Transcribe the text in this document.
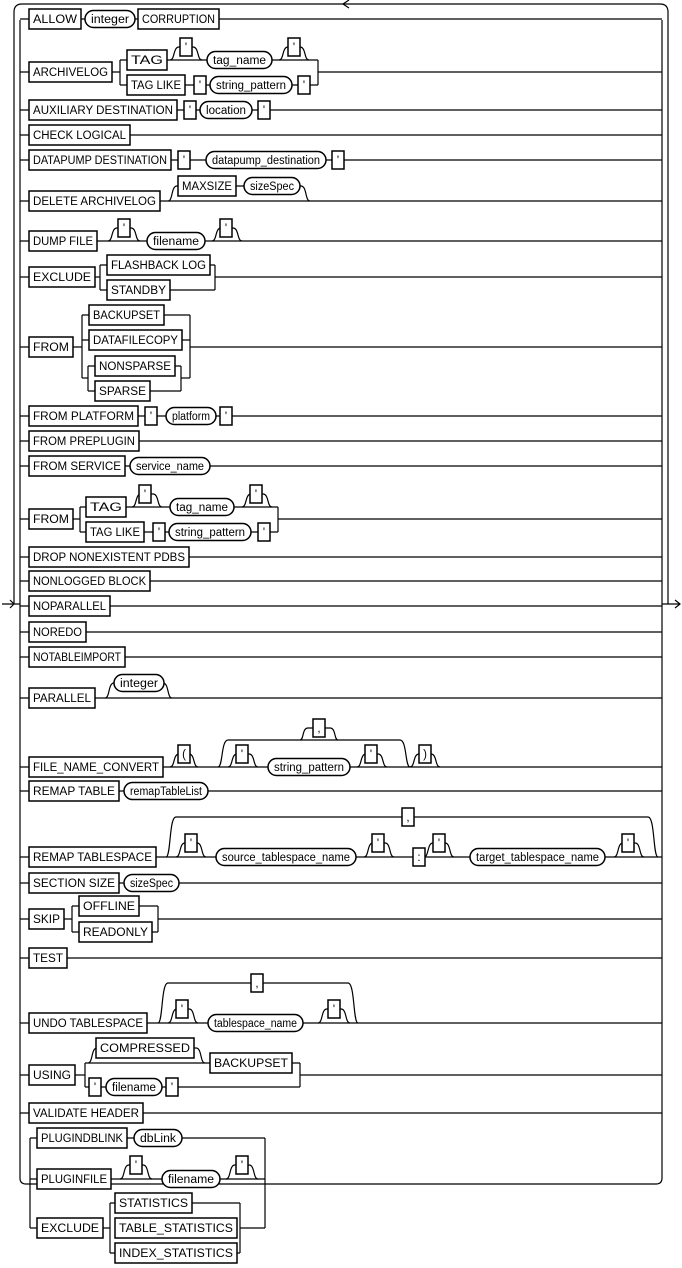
ALLOW integer CORRUPTION
ARCHIVELOG
TAG
'
tag_name
'
TAG LIKE ' string_pattern '
AUXILIARY DESTINATION ' location '
CHECK LOGICAL
DATAPUMP DESTINATION ' datapump_destination '
DELETE ARCHIVELOG
MAXSIZE sizeSpec
DUMP FILE
'
filename
'
EXCLUDE
FLASHBACK LOG
STANDBY
FROM
BACKUPSET
DATAFILECOPY
NONSPARSE
SPARSE
FROM PLATFORM ' platform '
FROM PREPLUGIN
FROM SERVICE service_name
FROM
TAG
'
tag_name
'
TAG LIKE ' string_pattern '
DROP NONEXISTENT PDBS
NONLOGGED BLOCK
NOPARALLEL
NOREDO
NOTABLEIMPORT
PARALLEL
integer
FILE_NAME_CONVERT
(	'
string_pattern
'
,
)
REMAP TABLE remapTableList
REMAP TABLESPACE
'
source_tablespace_name
'
:
'
target_tablespace_name
'
,
SECTION SIZE sizeSpec
SKIP
OFFLINE
READONLY
TEST
UNDO TABLESPACE
'
tablespace_name
'
,
USING
COMPRESSED
BACKUPSET
' filename '
VALIDATE HEADER
PLUGINDBLINK dbLink
PLUGINFILE
'
filename
'
EXCLUDE
STATISTICS
TABLE_STATISTICS
INDEX_STATISTICS
